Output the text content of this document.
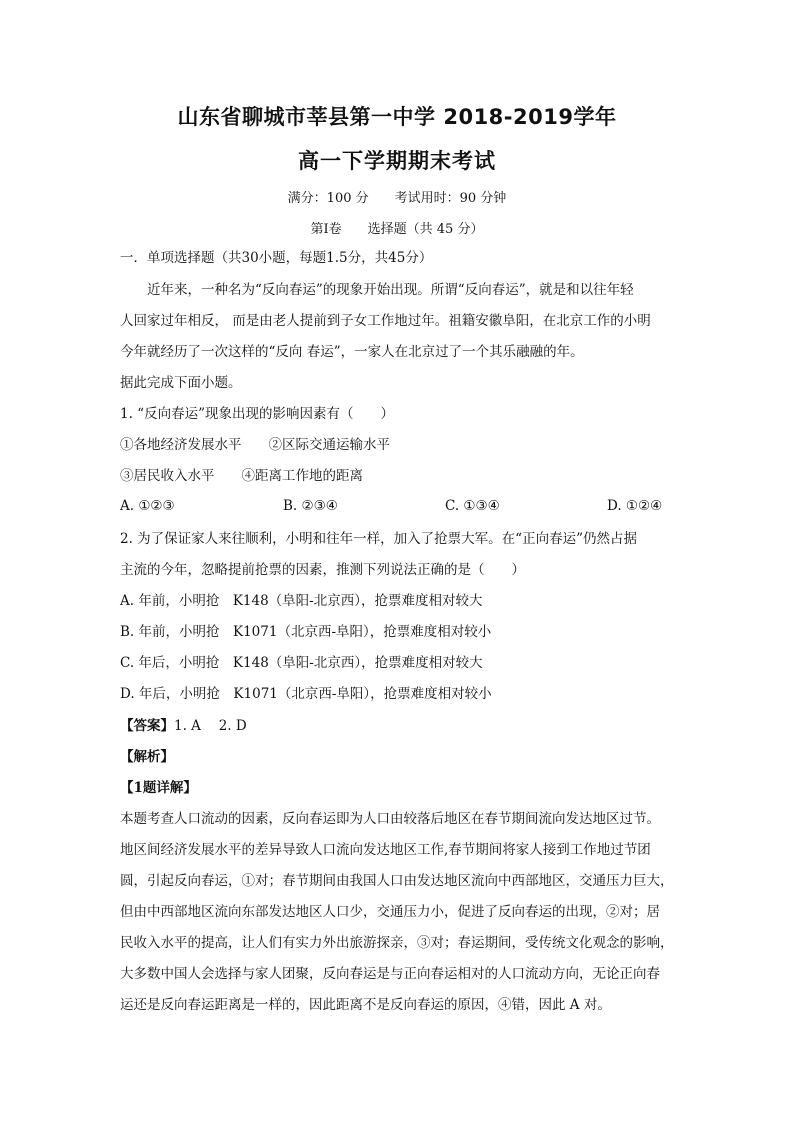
山东省聊城市莘县第一中学 2018-2019学年
高一下学期期末考试
满分：100 分 考试用时：90 分钟
第Ⅰ卷　　选择题（共 45 分）
一．单项选择题（共30小题，每题1.5分，共45分）
近年来，一种名为“反向春运”的现象开始出现。所谓“反向春运”，就是和以往年轻
人回家过年相反， 而是由老人提前到子女工作地过年。祖籍安徽阜阳，在北京工作的小明
今年就经历了一次这样的“反向 春运”，一家人在北京过了一个其乐融融的年。
据此完成下面小题。
1. “反向春运”现象出现的影响因素有（　　）
①各地经济发展水平　　②区际交通运输水平
③居民收入水平　　④距离工作地的距离
A. ①②③	B. ②③④	C. ①③④	D. ①②④
2. 为了保证家人来往顺利，小明和往年一样，加入了抢票大军。在“正向春运”仍然占据
主流的今年，忽略提前抢票的因素，推测下列说法正确的是（　　）
A. 年前，小明抢　K148（阜阳-北京西），抢票难度相对较大
B. 年前，小明抢　K1071（北京西-阜阳），抢票难度相对较小
C. 年后，小明抢　K148（阜阳-北京西），抢票难度相对较大
D. 年后，小明抢　K1071（北京西-阜阳），抢票难度相对较小
【答案】1. A　 2. D
【解析】
【1题详解】
本题考查人口流动的因素，反向春运即为人口由较落后地区在春节期间流向发达地区过节。
地区间经济发展水平的差异导致人口流向发达地区工作,春节期间将家人接到工作地过节团
圆，引起反向春运，①对；春节期间由我国人口由发达地区流向中西部地区，交通压力巨大，
但由中西部地区流向东部发达地区人口少，交通压力小，促进了反向春运的出现，②对；居
民收入水平的提高，让人们有实力外出旅游探亲，③对；春运期间，受传统文化观念的影响，
大多数中国人会选择与家人团聚，反向春运是与正向春运相对的人口流动方向，无论正向春
运还是反向春运距离是一样的，因此距离不是反向春运的原因，④错，因此 A 对。
